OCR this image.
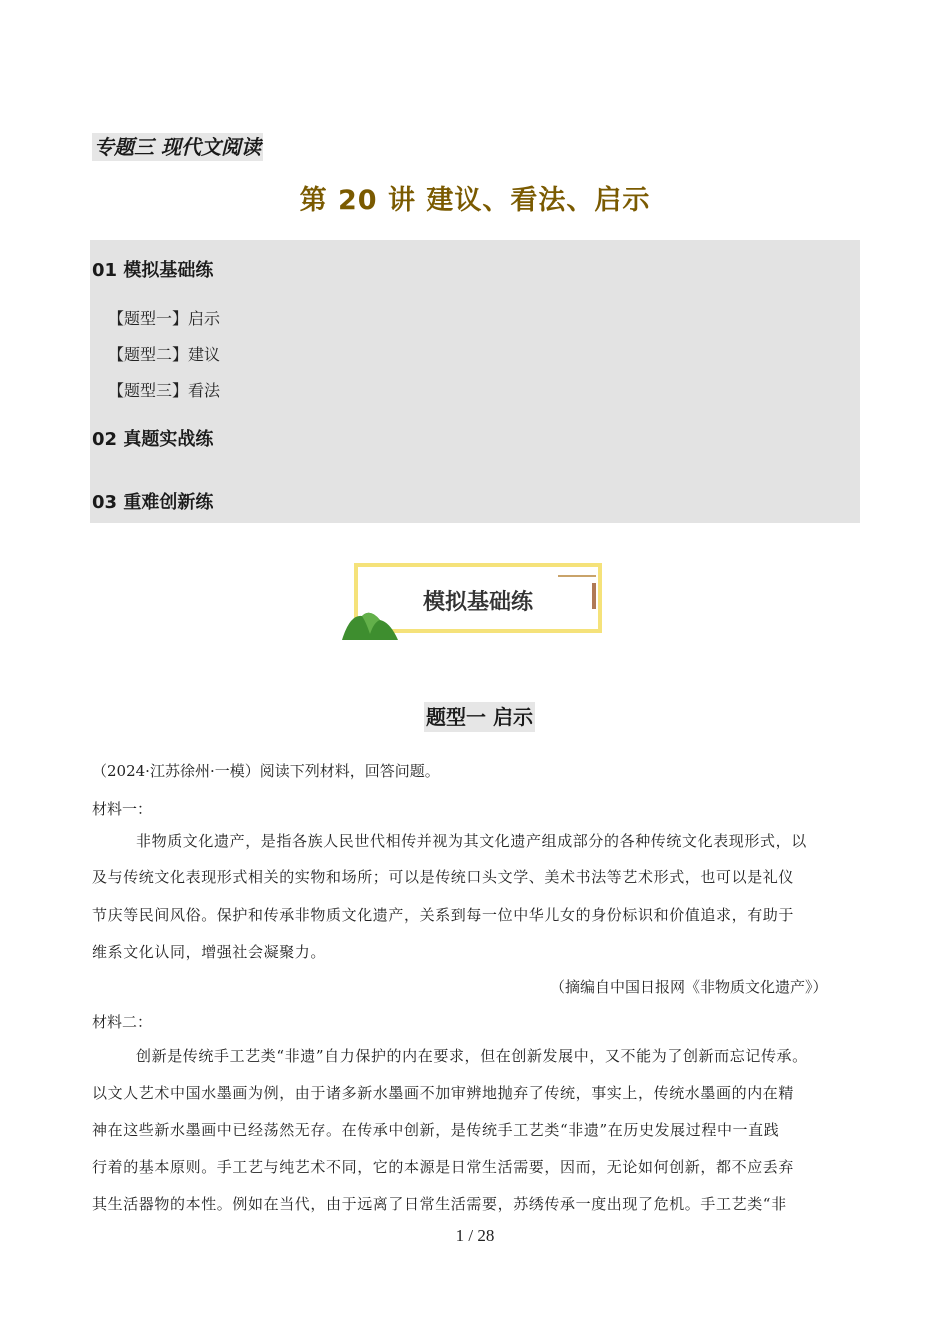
专题三 现代文阅读
第 20 讲 建议、看法、启示
01 模拟基础练
【题型一】启示
【题型二】建议
【题型三】看法
02 真题实战练
03 重难创新练
模拟基础练
题型一 启示
（2024·江苏徐州·一模）阅读下列材料，回答问题。
材料一：
非物质文化遗产，是指各族人民世代相传并视为其文化遗产组成部分的各种传统文化表现形式，以
及与传统文化表现形式相关的实物和场所；可以是传统口头文学、美术书法等艺术形式，也可以是礼仪
节庆等民间风俗。保护和传承非物质文化遗产，关系到每一位中华儿女的身份标识和价值追求，有助于
维系文化认同，增强社会凝聚力。
（摘编自中国日报网《非物质文化遗产》）
材料二：
创新是传统手工艺类“非遗”自力保护的内在要求，但在创新发展中，又不能为了创新而忘记传承。
以文人艺术中国水墨画为例，由于诸多新水墨画不加审辨地抛弃了传统，事实上，传统水墨画的内在精
神在这些新水墨画中已经荡然无存。在传承中创新，是传统手工艺类“非遗”在历史发展过程中一直践
行着的基本原则。手工艺与纯艺术不同，它的本源是日常生活需要，因而，无论如何创新，都不应丢弃
其生活器物的本性。例如在当代，由于远离了日常生活需要，苏绣传承一度出现了危机。手工艺类“非
1 / 28
